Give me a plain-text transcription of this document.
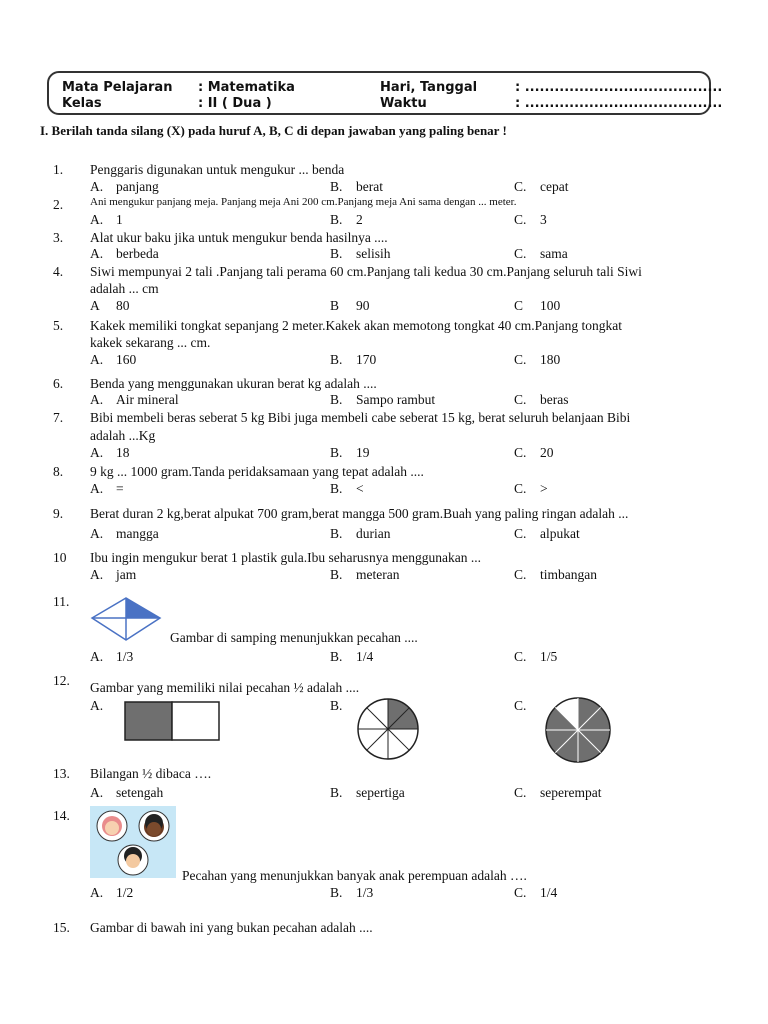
Mata Pelajaran : Matematika
Kelas	: II ( Dua )
Hari, Tanggal	: ........................................
Waktu	: ........................................
I. Berilah tanda silang (X) pada huruf A, B, C di depan jawaban yang paling benar !
1. Penggaris digunakan untuk mengukur ... benda
A. panjang	B. berat	C. cepat
2. Ani mengukur panjang meja. Panjang meja Ani 200 cm.Panjang meja Ani sama dengan ... meter.
A. 1	B. 2	C. 3
3. Alat ukur baku jika untuk mengukur benda hasilnya ....
A. berbeda	B. selisih	C. sama
4. Siwi mempunyai 2 tali .Panjang tali perama 60 cm.Panjang tali kedua 30 cm.Panjang seluruh tali Siwi
adalah ... cm
A 80	B 90	C 100
5. Kakek memiliki tongkat sepanjang 2 meter.Kakek akan memotong tongkat 40 cm.Panjang tongkat
kakek sekarang ... cm.
A. 160	B. 170	C. 180
6. Benda yang menggunakan ukuran berat kg adalah ....
A. Air mineral	B. Sampo rambut	C. beras
7. Bibi membeli beras seberat 5 kg Bibi juga membeli cabe seberat 15 kg, berat seluruh belanjaan Bibi
adalah ...Kg
A. 18	B. 19	C. 20
8. 9 kg ... 1000 gram.Tanda peridaksamaan yang tepat adalah ....
A. =	B. <	C. >
9. Berat duran 2 kg,berat alpukat 700 gram,berat mangga 500 gram.Buah yang paling ringan adalah ...
A. mangga	B. durian	C. alpukat
10 Ibu ingin mengukur berat 1 plastik gula.Ibu seharusnya menggunakan ...
A. jam	B. meteran	C. timbangan
11.
Gambar di samping menunjukkan pecahan ....
A. 1/3	B. 1/4	C. 1/5
12. Gambar yang memiliki nilai pecahan ½ adalah ....
A.	B.	C.
13. Bilangan ½ dibaca ….
A. setengah	B. sepertiga	C. seperempat
14.
Pecahan yang menunjukkan banyak anak perempuan adalah ….
A. 1/2	B. 1/3	C. 1/4
15. Gambar di bawah ini yang bukan pecahan adalah ....
